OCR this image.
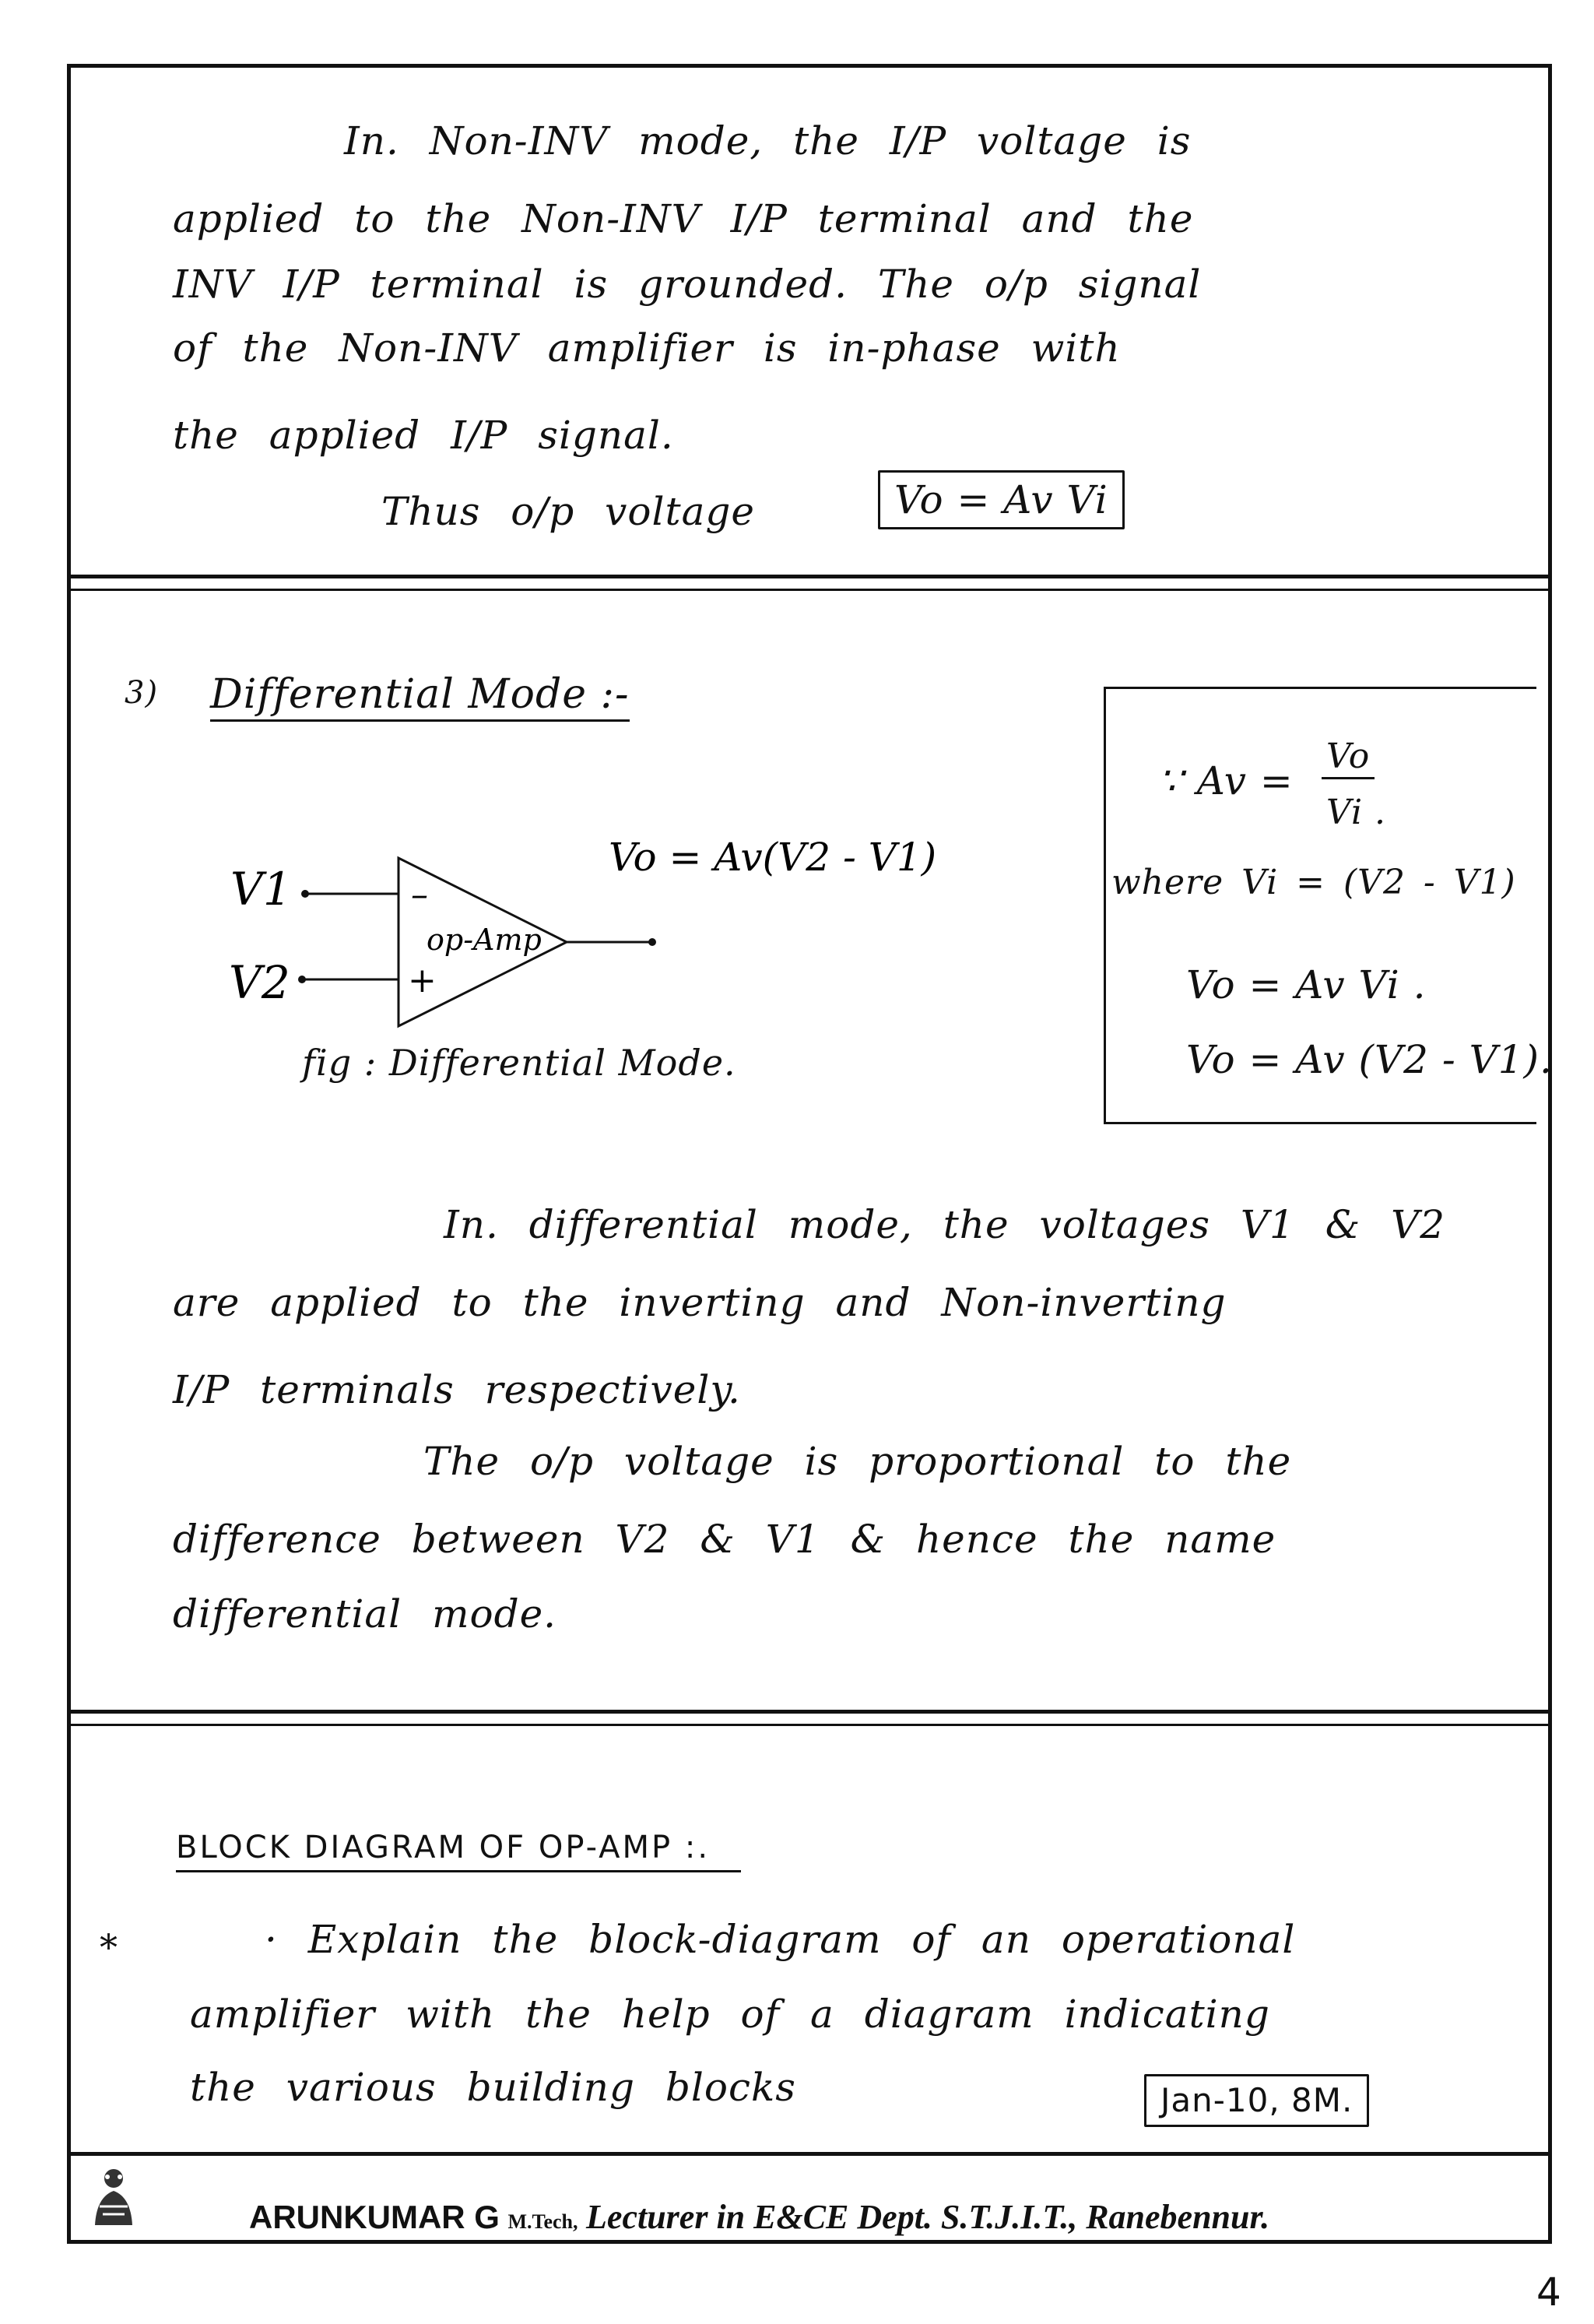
In. Non-INV mode, the I/P voltage is
applied to the Non-INV I/P terminal and the
INV I/P terminal is grounded. The o/p signal
of the Non-INV amplifier is in-phase with
the applied I/P signal.
Thus o/p voltage	Vo = Av Vi
3) Differential Mode :-
V1
V2
–
+
op-Amp
Vo = Av(V2 - V1)
fig : Differential Mode.
∵ Av =
Vo
Vi .
where Vi = (V2 - V1)
Vo = Av Vi .
Vo = Av (V2 - V1).
In. differential mode, the voltages V1 & V2
are applied to the inverting and Non-inverting
I/P terminals respectively.
The o/p voltage is proportional to the
difference between V2 & V1 & hence the name
differential mode.
BLOCK DIAGRAM OF OP-AMP :.
*	· Explain the block-diagram of an operational
amplifier with the help of a diagram indicating
the various building blocks	Jan-10, 8M.
ARUNKUMAR G M.Tech, Lecturer in E&CE Dept. S.T.J.I.T., Ranebennur.
4
